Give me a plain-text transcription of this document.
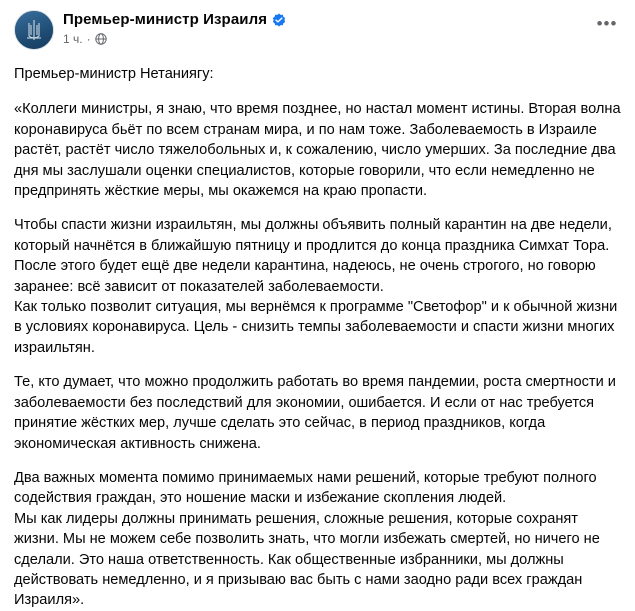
Премьер-министр Израиля
1 ч. ·
•••

Премьер-министр Нетаниягу:

«Коллеги министры, я знаю, что время позднее, но настал момент истины. Вторая волна коронавируса бьёт по всем странам мира, и по нам тоже. Заболеваемость в Израиле растёт, растёт число тяжелобольных и, к сожалению, число умерших. За последние два дня мы заслушали оценки специалистов, которые говорили, что если немедленно не предпринять жёсткие меры, мы окажемся на краю пропасти.

Чтобы спасти жизни израильтян, мы должны объявить полный карантин на две недели, который начнётся в ближайшую пятницу и продлится до конца праздника Симхат Тора. После этого будет ещё две недели карантина, надеюсь, не очень строгого, но говорю заранее: всё зависит от показателей заболеваемости.

Как только позволит ситуация, мы вернёмся к программе "Светофор" и к обычной жизни в условиях коронавируса. Цель - снизить темпы заболеваемости и спасти жизни многих израильтян.

Те, кто думает, что можно продолжить работать во время пандемии, роста смертности и заболеваемости без последствий для экономии, ошибается. И если от нас требуется принятие жёстких мер, лучше сделать это сейчас, в период праздников, когда экономическая активность снижена.

Два важных момента помимо принимаемых нами решений, которые требуют полного содействия граждан, это ношение маски и избежание скопления людей.

Мы как лидеры должны принимать решения, сложные решения, которые сохранят жизни. Мы не можем себе позволить знать, что могли избежать смертей, но ничего не сделали. Это наша ответственность. Как общественные избранники, мы должны действовать немедленно, и я призываю вас быть с нами заодно ради всех граждан Израиля».
